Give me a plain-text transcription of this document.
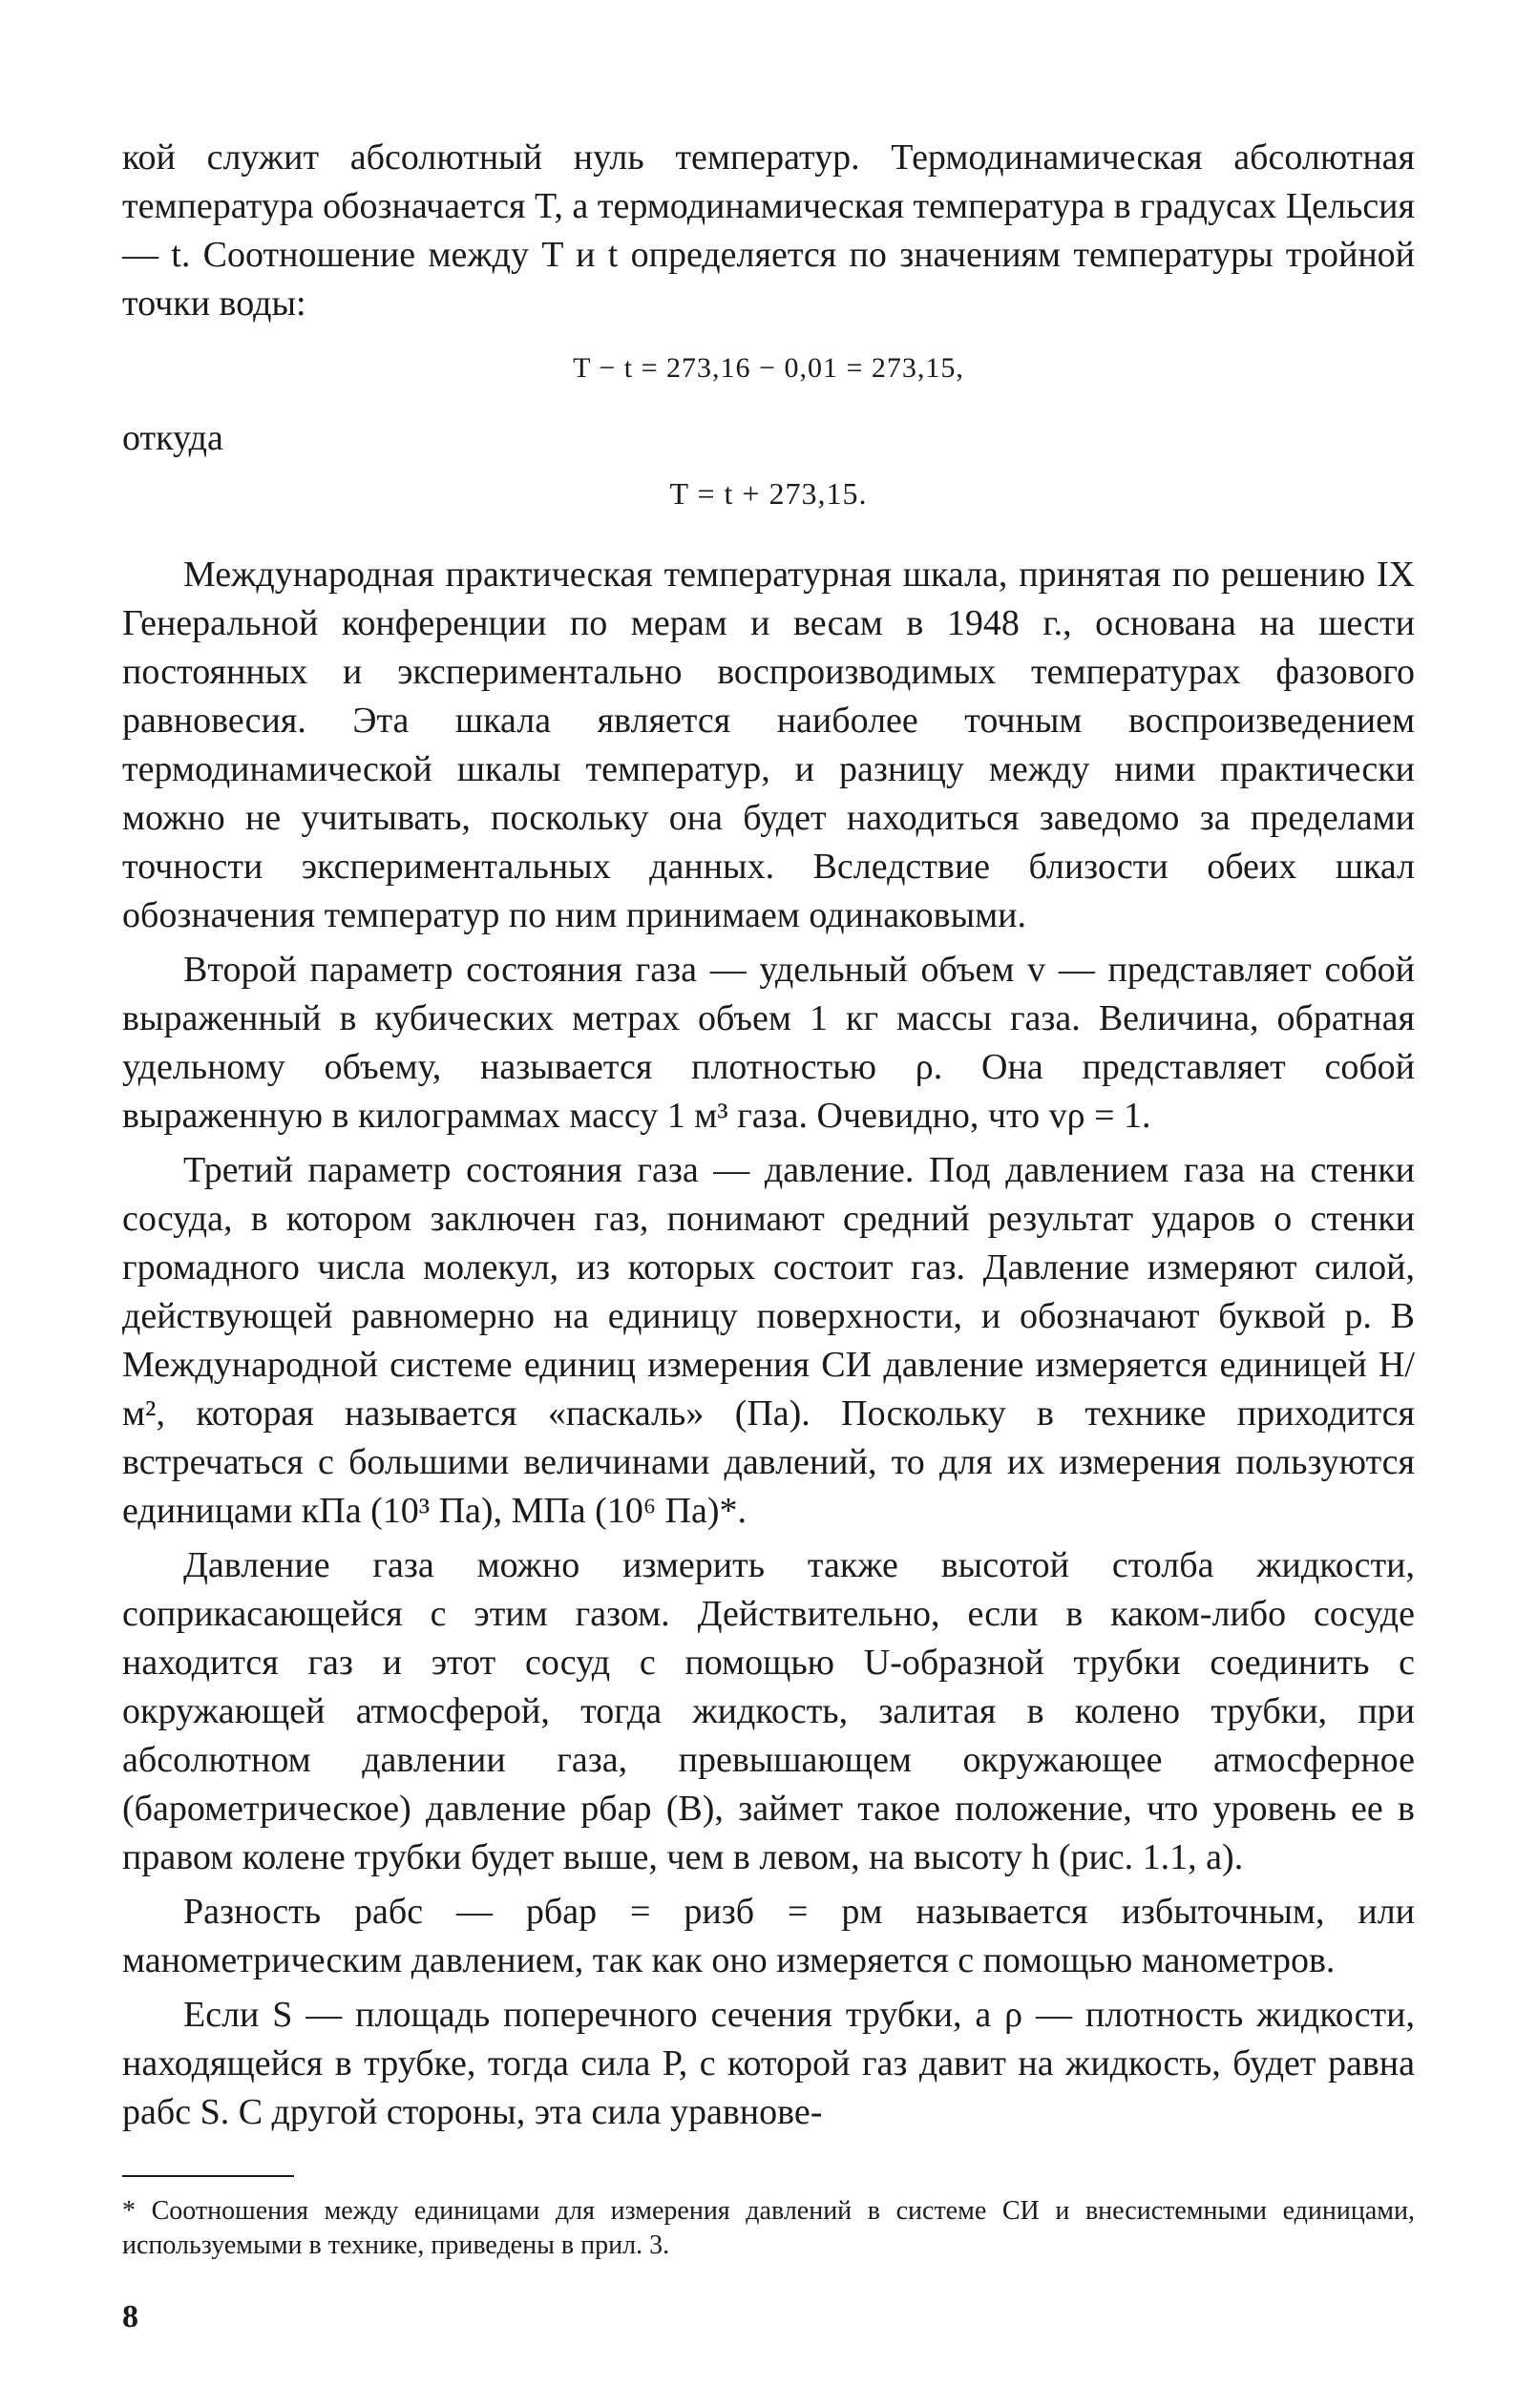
кой служит абсолютный нуль температур. Термодинамическая абсолютная температура обозначается T, а термодинамическая температура в градусах Цельсия — t. Соотношение между T и t определяется по значениям температуры тройной точки воды:

T − t = 273,16 − 0,01 = 273,15,

откуда

T = t + 273,15.

Международная практическая температурная шкала, принятая по решению IX Генеральной конференции по мерам и весам в 1948 г., основана на шести постоянных и экспериментально воспроизводимых температурах фазового равновесия. Эта шкала является наиболее точным воспроизведением термодинамической шкалы температур, и разницу между ними практически можно не учитывать, поскольку она будет находиться заведомо за пределами точности экспериментальных данных. Вследствие близости обеих шкал обозначения температур по ним принимаем одинаковыми.

Второй параметр состояния газа — удельный объем v — представляет собой выраженный в кубических метрах объем 1 кг массы газа. Величина, обратная удельному объему, называется плотностью ρ. Она представляет собой выраженную в килограммах массу 1 м³ газа. Очевидно, что vρ = 1.

Третий параметр состояния газа — давление. Под давлением газа на стенки сосуда, в котором заключен газ, понимают средний результат ударов о стенки громадного числа молекул, из которых состоит газ. Давление измеряют силой, действующей равномерно на единицу поверхности, и обозначают буквой p. В Международной системе единиц измерения СИ давление измеряется единицей Н/м², которая называется «паскаль» (Па). Поскольку в технике приходится встречаться с большими величинами давлений, то для их измерения пользуются единицами кПа (10³ Па), МПа (10⁶ Па)*.

Давление газа можно измерить также высотой столба жидкости, соприкасающейся с этим газом. Действительно, если в каком-либо сосуде находится газ и этот сосуд с помощью U-образной трубки соединить с окружающей атмосферой, тогда жидкость, залитая в колено трубки, при абсолютном давлении газа, превышающем окружающее атмосферное (барометрическое) давление pбар (B), займет такое положение, что уровень ее в правом колене трубки будет выше, чем в левом, на высоту h (рис. 1.1, a).

Разность pабс — pбар = pизб = pм называется избыточным, или манометрическим давлением, так как оно измеряется с помощью манометров.

Если S — площадь поперечного сечения трубки, а ρ — плотность жидкости, находящейся в трубке, тогда сила P, с которой газ давит на жидкость, будет равна pабс S. С другой стороны, эта сила уравнове-

* Соотношения между единицами для измерения давлений в системе СИ и внесистемными единицами, используемыми в технике, приведены в прил. 3.

8
